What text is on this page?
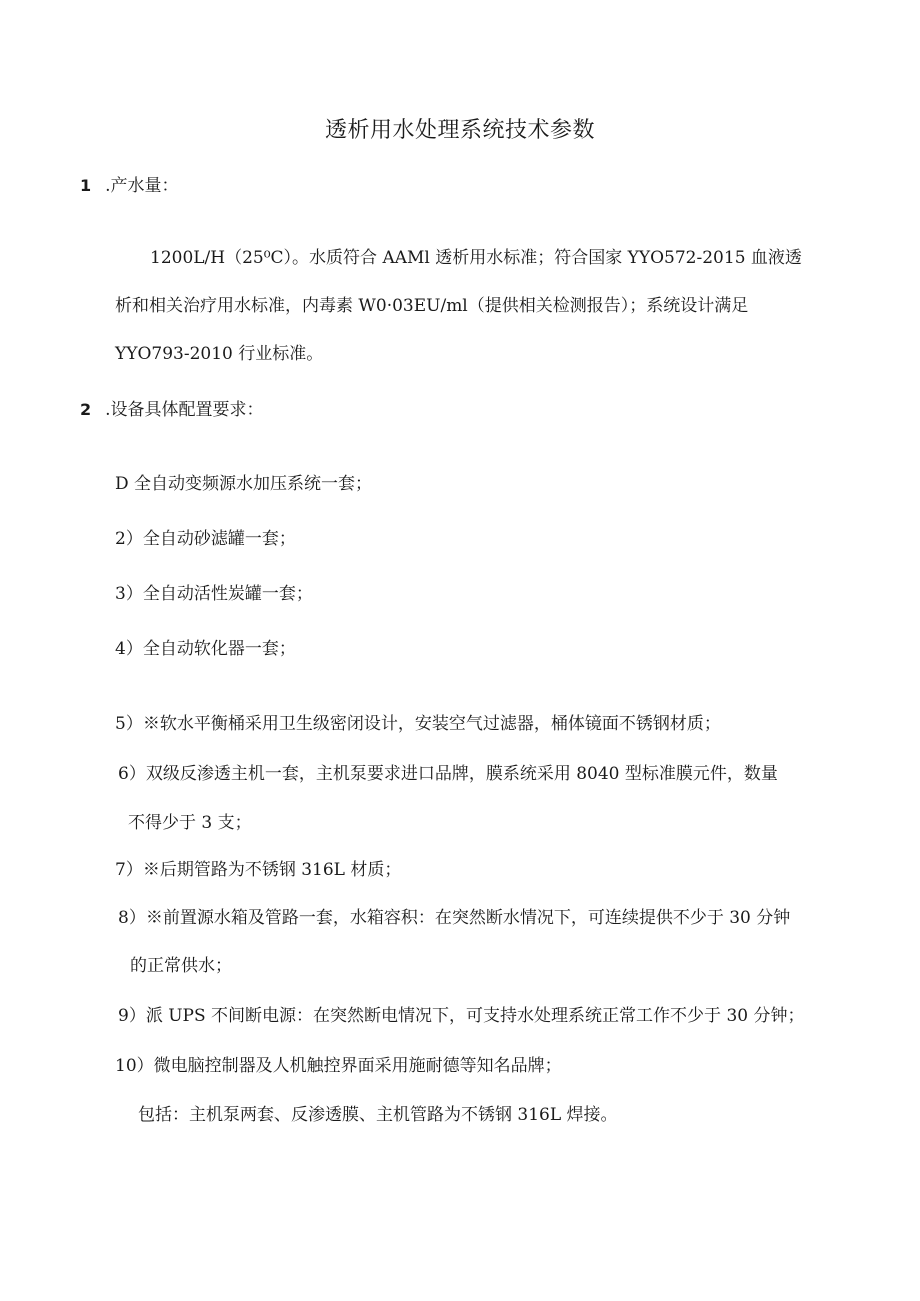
透析用水处理系统技术参数
1 .产水量：

1200L/H（25⁰C）。水质符合 AAMl 透析用水标准；符合国家 YYO572-2015 血液透

析和相关治疗用水标准，内毒素 W0·03EU/ml（提供相关检测报告）；系统设计满足

YYO793-2010 行业标准。

2 .设备具体配置要求：

D 全自动变频源水加压系统一套；

2）全自动砂滤罐一套；

3）全自动活性炭罐一套；

4）全自动软化器一套；

5）※软水平衡桶采用卫生级密闭设计，安装空气过滤器，桶体镜面不锈钢材质；

6）双级反渗透主机一套，主机泵要求进口品牌，膜系统采用 8040 型标准膜元件，数量

不得少于 3 支；

7）※后期管路为不锈钢 316L 材质；

8）※前置源水箱及管路一套，水箱容积：在突然断水情况下，可连续提供不少于 30 分钟

的正常供水；

9）派 UPS 不间断电源：在突然断电情况下，可支持水处理系统正常工作不少于 30 分钟；

10）微电脑控制器及人机触控界面采用施耐德等知名品牌；

包括：主机泵两套、反渗透膜、主机管路为不锈钢 316L 焊接。
